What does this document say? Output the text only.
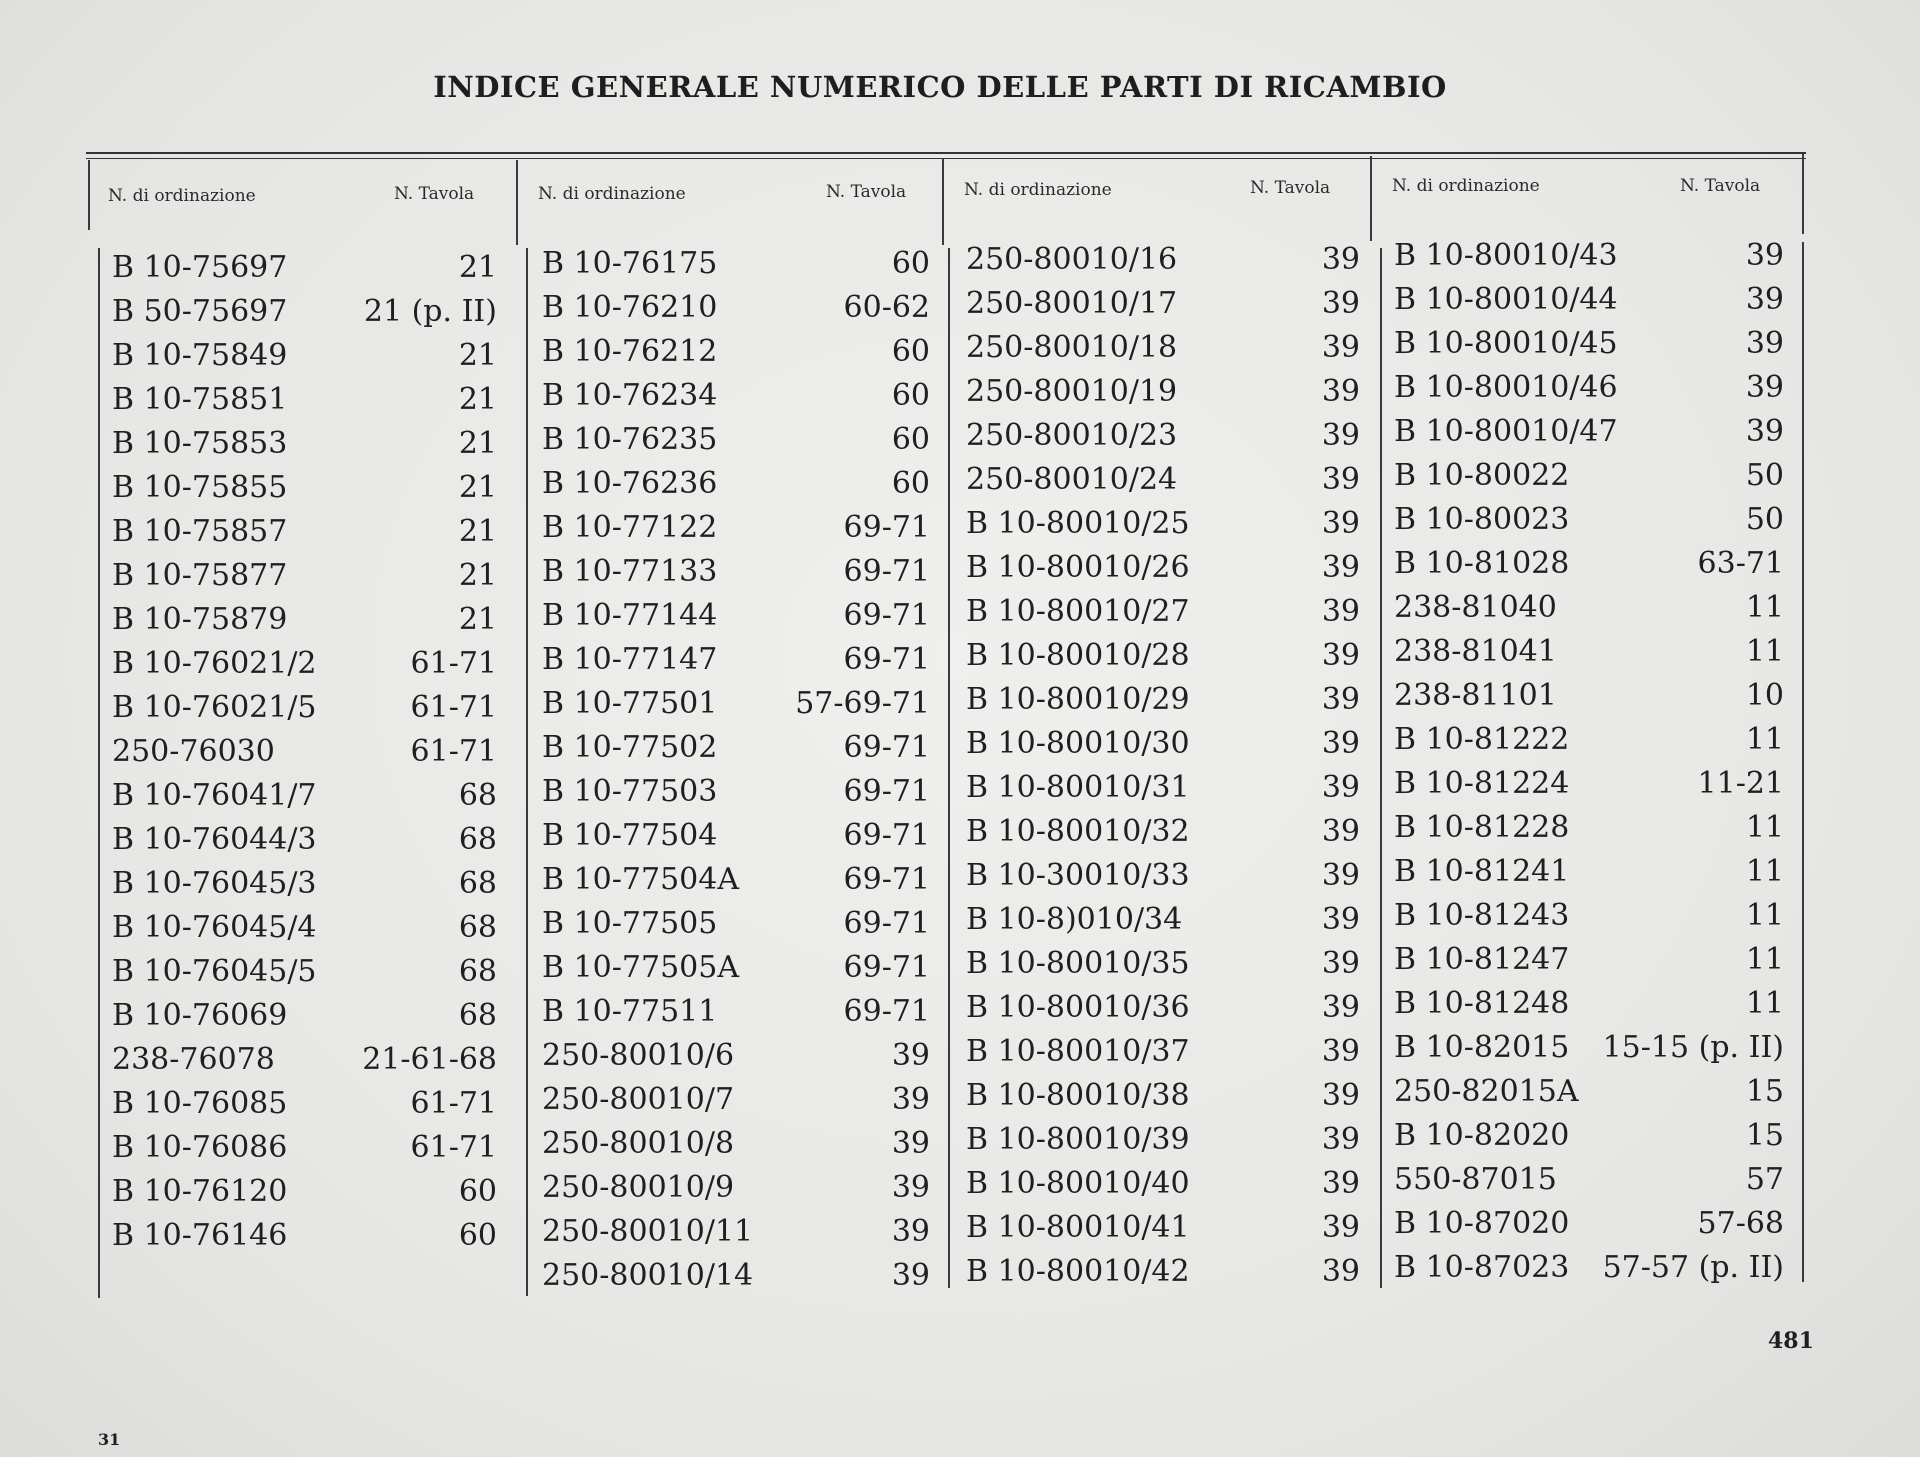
INDICE GENERALE NUMERICO DELLE PARTI DI RICAMBIO
N. di ordinazione	N. Tavola	N. di ordinazione	N. Tavola	N. di ordinazione	N. Tavola	N. di ordinazione	N. Tavola
B 10-75697	21
B 50-75697	21 (p. II)
B 10-75849	21
B 10-75851	21
B 10-75853	21
B 10-75855	21
B 10-75857	21
B 10-75877	21
B 10-75879	21
B 10-76021/2	61-71
B 10-76021/5	61-71
250-76030	61-71
B 10-76041/7	68
B 10-76044/3	68
B 10-76045/3	68
B 10-76045/4	68
B 10-76045/5	68
B 10-76069	68
238-76078	21-61-68
B 10-76085	61-71
B 10-76086	61-71
B 10-76120	60
B 10-76146	60
B 10-76175	60
B 10-76210	60-62
B 10-76212	60
B 10-76234	60
B 10-76235	60
B 10-76236	60
B 10-77122	69-71
B 10-77133	69-71
B 10-77144	69-71
B 10-77147	69-71
B 10-77501	57-69-71
B 10-77502	69-71
B 10-77503	69-71
B 10-77504	69-71
B 10-77504A	69-71
B 10-77505	69-71
B 10-77505A	69-71
B 10-77511	69-71
250-80010/6	39
250-80010/7	39
250-80010/8	39
250-80010/9	39
250-80010/11	39
250-80010/14	39
250-80010/16	39
250-80010/17	39
250-80010/18	39
250-80010/19	39
250-80010/23	39
250-80010/24	39
B 10-80010/25	39
B 10-80010/26	39
B 10-80010/27	39
B 10-80010/28	39
B 10-80010/29	39
B 10-80010/30	39
B 10-80010/31	39
B 10-80010/32	39
B 10-30010/33	39
B 10-8)010/34	39
B 10-80010/35	39
B 10-80010/36	39
B 10-80010/37	39
B 10-80010/38	39
B 10-80010/39	39
B 10-80010/40	39
B 10-80010/41	39
B 10-80010/42	39
B 10-80010/43	39
B 10-80010/44	39
B 10-80010/45	39
B 10-80010/46	39
B 10-80010/47	39
B 10-80022	50
B 10-80023	50
B 10-81028	63-71
238-81040	11
238-81041	11
238-81101	10
B 10-81222	11
B 10-81224	11-21
B 10-81228	11
B 10-81241	11
B 10-81243	11
B 10-81247	11
B 10-81248	11
B 10-82015 15-15 (p. II)
250-82015A	15
B 10-82020	15
550-87015	57
B 10-87020	57-68
B 10-87023 57-57 (p. II)
481
31
